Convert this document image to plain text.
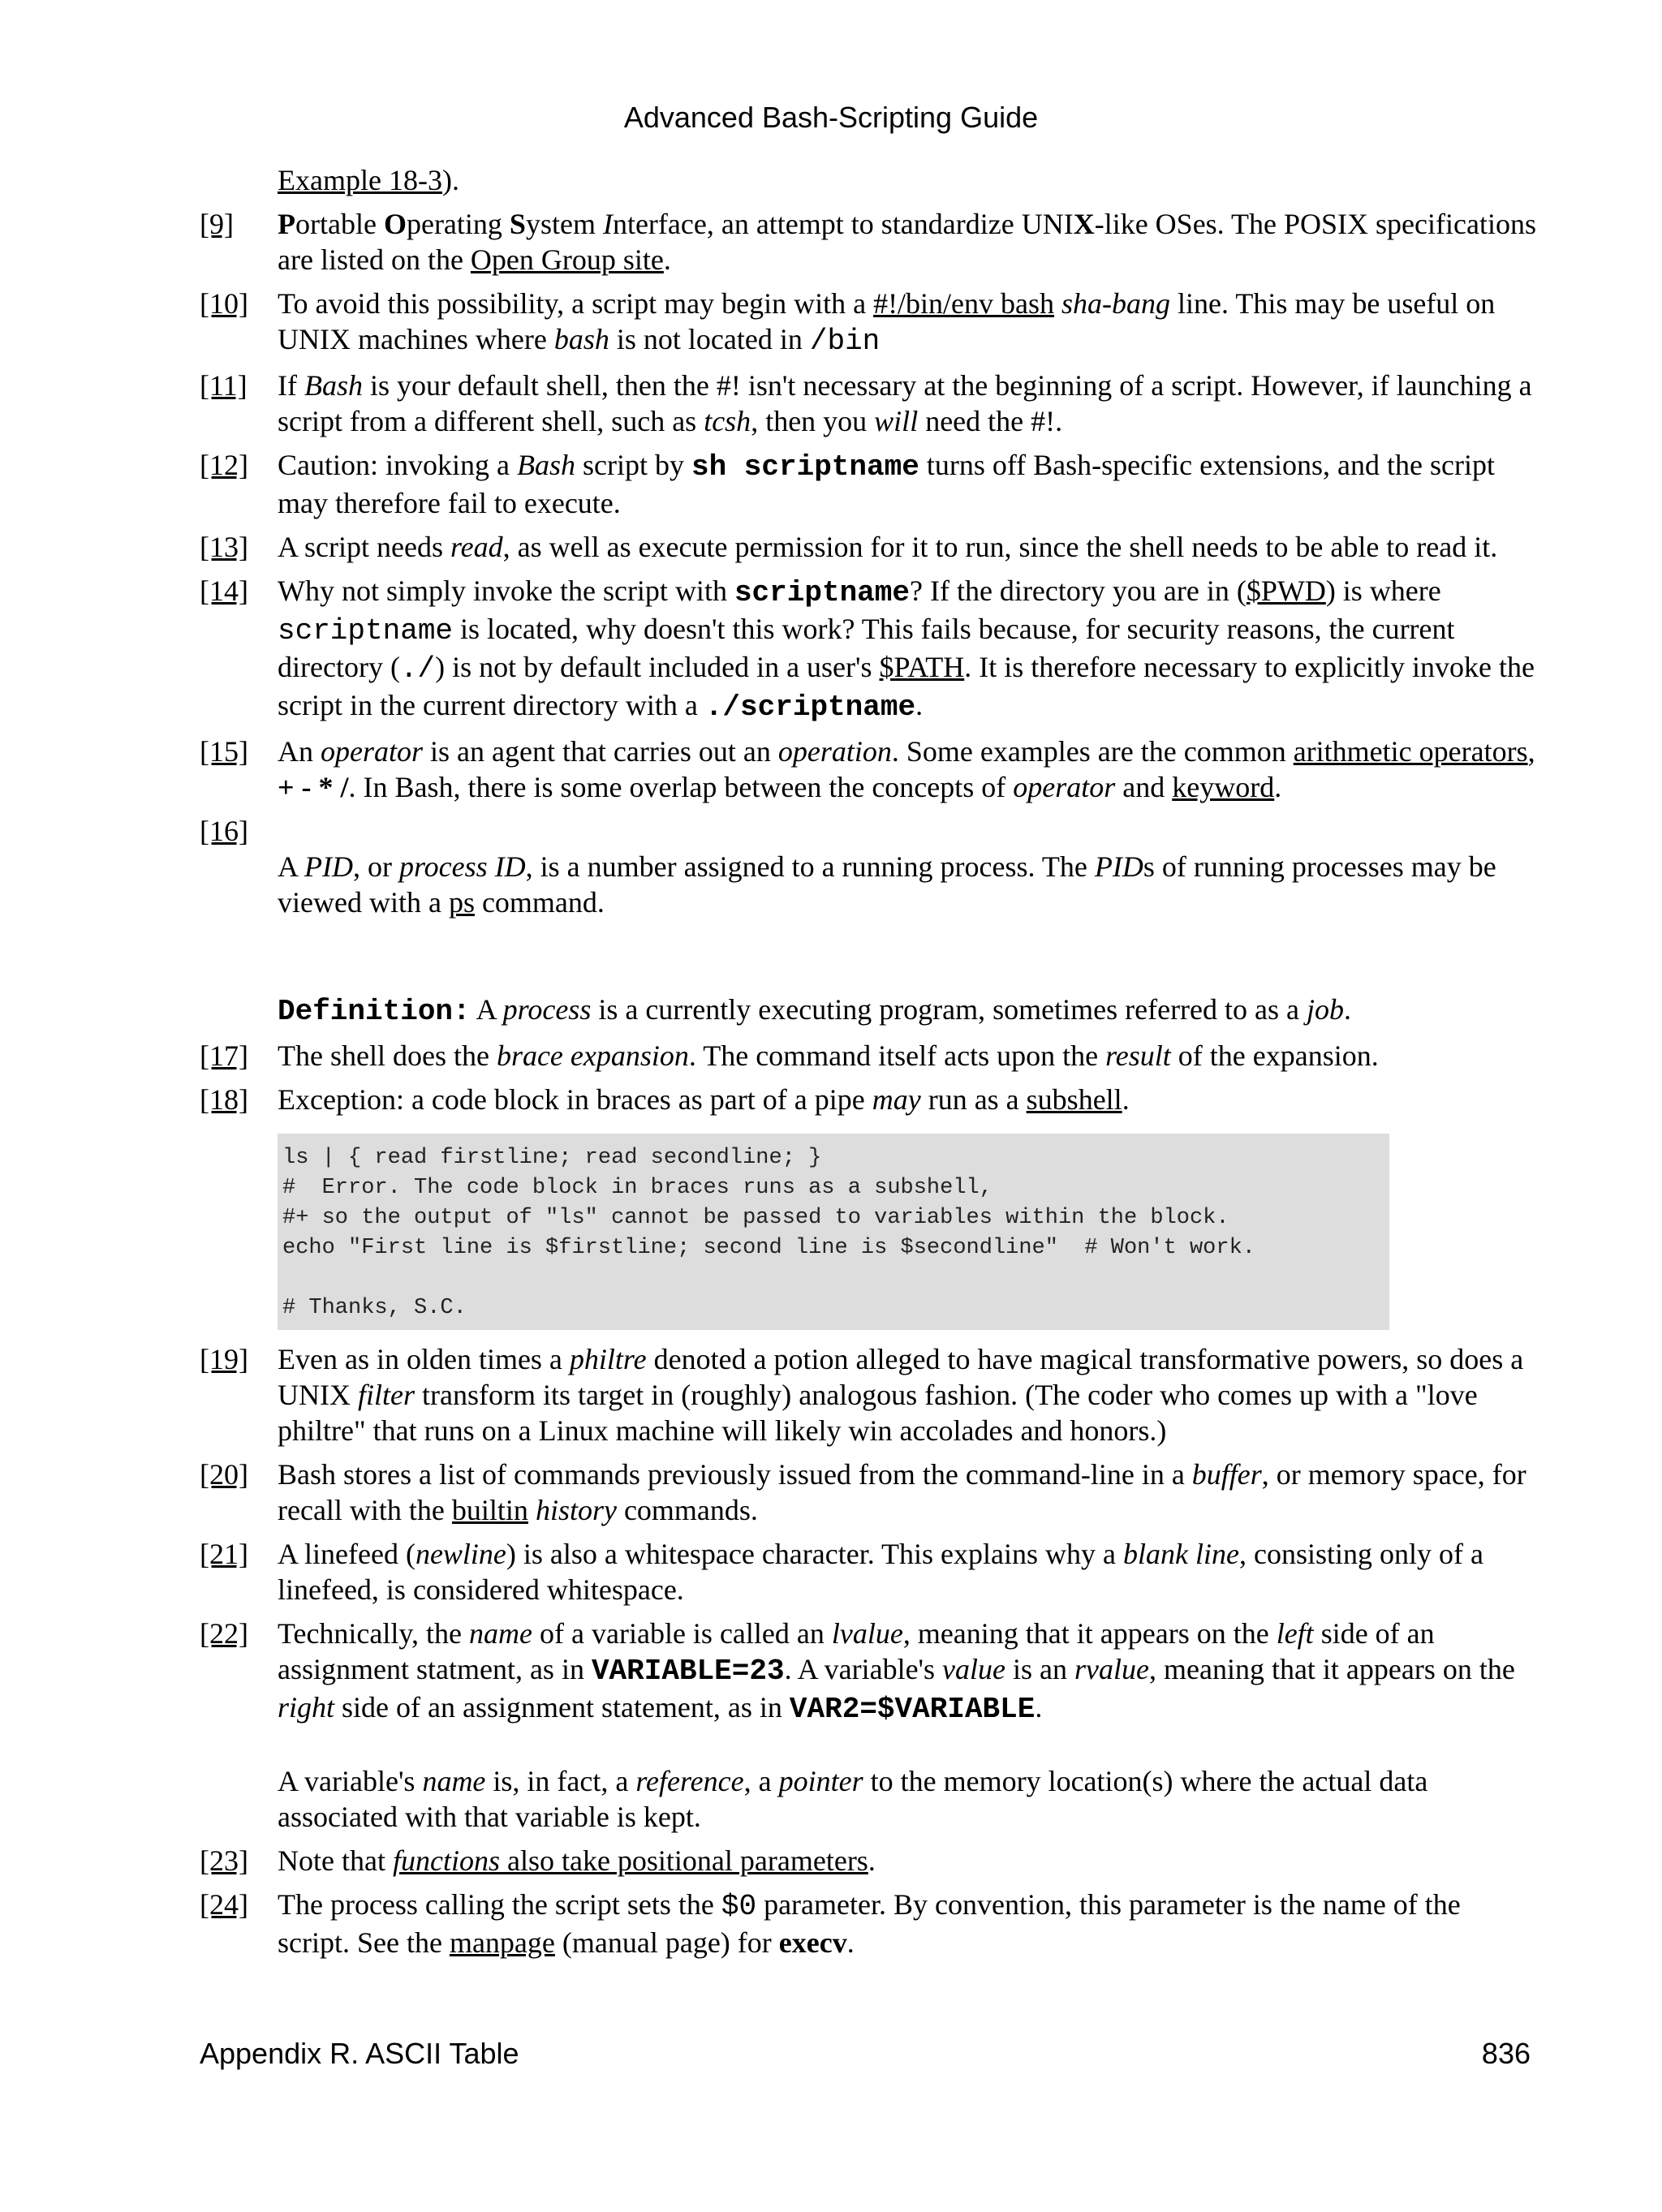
Advanced Bash-Scripting Guide
Example 18-3).
[9] Portable Operating System Interface, an attempt to standardize UNIX-like OSes. The POSIX specifications are listed on the Open Group site.
[10] To avoid this possibility, a script may begin with a #!/bin/env bash sha-bang line. This may be useful on UNIX machines where bash is not located in /bin
[11] If Bash is your default shell, then the #! isn't necessary at the beginning of a script. However, if launching a script from a different shell, such as tcsh, then you will need the #!.
[12] Caution: invoking a Bash script by sh scriptname turns off Bash-specific extensions, and the script may therefore fail to execute.
[13] A script needs read, as well as execute permission for it to run, since the shell needs to be able to read it.
[14] Why not simply invoke the script with scriptname? If the directory you are in ($PWD) is where scriptname is located, why doesn't this work? This fails because, for security reasons, the current directory (./) is not by default included in a user's $PATH. It is therefore necessary to explicitly invoke the script in the current directory with a ./scriptname.
[15] An operator is an agent that carries out an operation. Some examples are the common arithmetic operators, + - * /. In Bash, there is some overlap between the concepts of operator and keyword.
[16]
A PID, or process ID, is a number assigned to a running process. The PIDs of running processes may be viewed with a ps command.
Definition: A process is a currently executing program, sometimes referred to as a job.
[17] The shell does the brace expansion. The command itself acts upon the result of the expansion.
[18] Exception: a code block in braces as part of a pipe may run as a subshell.
ls | { read firstline; read secondline; }
#  Error. The code block in braces runs as a subshell,
#+ so the output of "ls" cannot be passed to variables within the block.
echo "First line is $firstline; second line is $secondline"  # Won't work.
# Thanks, S.C.
[19] Even as in olden times a philtre denoted a potion alleged to have magical transformative powers, so does a UNIX filter transform its target in (roughly) analogous fashion. (The coder who comes up with a "love philtre" that runs on a Linux machine will likely win accolades and honors.)
[20] Bash stores a list of commands previously issued from the command-line in a buffer, or memory space, for recall with the builtin history commands.
[21] A linefeed (newline) is also a whitespace character. This explains why a blank line, consisting only of a linefeed, is considered whitespace.
[22] Technically, the name of a variable is called an lvalue, meaning that it appears on the left side of an assignment statment, as in VARIABLE=23. A variable's value is an rvalue, meaning that it appears on the right side of an assignment statement, as in VAR2=$VARIABLE.
A variable's name is, in fact, a reference, a pointer to the memory location(s) where the actual data associated with that variable is kept.
[23] Note that functions also take positional parameters.
[24] The process calling the script sets the $0 parameter. By convention, this parameter is the name of the script. See the manpage (manual page) for execv.
Appendix R. ASCII Table	836
